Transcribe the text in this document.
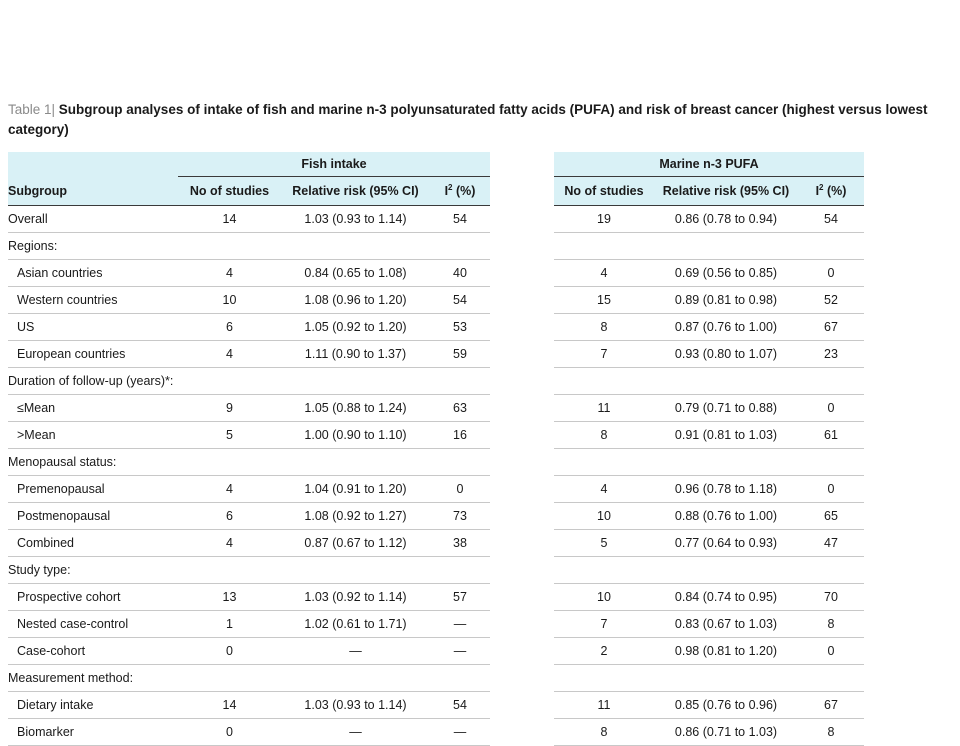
Table 1| Subgroup analyses of intake of fish and marine n-3 polyunsaturated fatty acids (PUFA) and risk of breast cancer (highest versus lowest category)
	Fish intake				Marine n-3 PUFA		
Subgroup	No of studies	Relative risk (95% CI)	$I^2$ (%)		No of studies	Relative risk (95% CI)	$I^2$ (%)
Overall	14	1.03 (0.93 to 1.14)	54		19	0.86 (0.78 to 0.94)	54
Regions:							
Asian countries	4	0.84 (0.65 to 1.08)	40		4	0.69 (0.56 to 0.85)	0
Western countries	10	1.08 (0.96 to 1.20)	54		15	0.89 (0.81 to 0.98)	52
US	6	1.05 (0.92 to 1.20)	53		8	0.87 (0.76 to 1.00)	67
European countries	4	1.11 (0.90 to 1.37)	59		7	0.93 (0.80 to 1.07)	23
Duration of follow-up (years)*:							
≤Mean	9	1.05 (0.88 to 1.24)	63		11	0.79 (0.71 to 0.88)	0
>Mean	5	1.00 (0.90 to 1.10)	16		8	0.91 (0.81 to 1.03)	61
Menopausal status:							
Premenopausal	4	1.04 (0.91 to 1.20)	0		4	0.96 (0.78 to 1.18)	0
Postmenopausal	6	1.08 (0.92 to 1.27)	73		10	0.88 (0.76 to 1.00)	65
Combined	4	0.87 (0.67 to 1.12)	38		5	0.77 (0.64 to 0.93)	47
Study type:							
Prospective cohort	13	1.03 (0.92 to 1.14)	57		10	0.84 (0.74 to 0.95)	70
Nested case-control	1	1.02 (0.61 to 1.71)	—		7	0.83 (0.67 to 1.03)	8
Case-cohort	0	—	—		2	0.98 (0.81 to 1.20)	0
Measurement method:							
Dietary intake	14	1.03 (0.93 to 1.14)	54		11	0.85 (0.76 to 0.96)	67
Biomarker	0	—	—		8	0.86 (0.71 to 1.03)	8
